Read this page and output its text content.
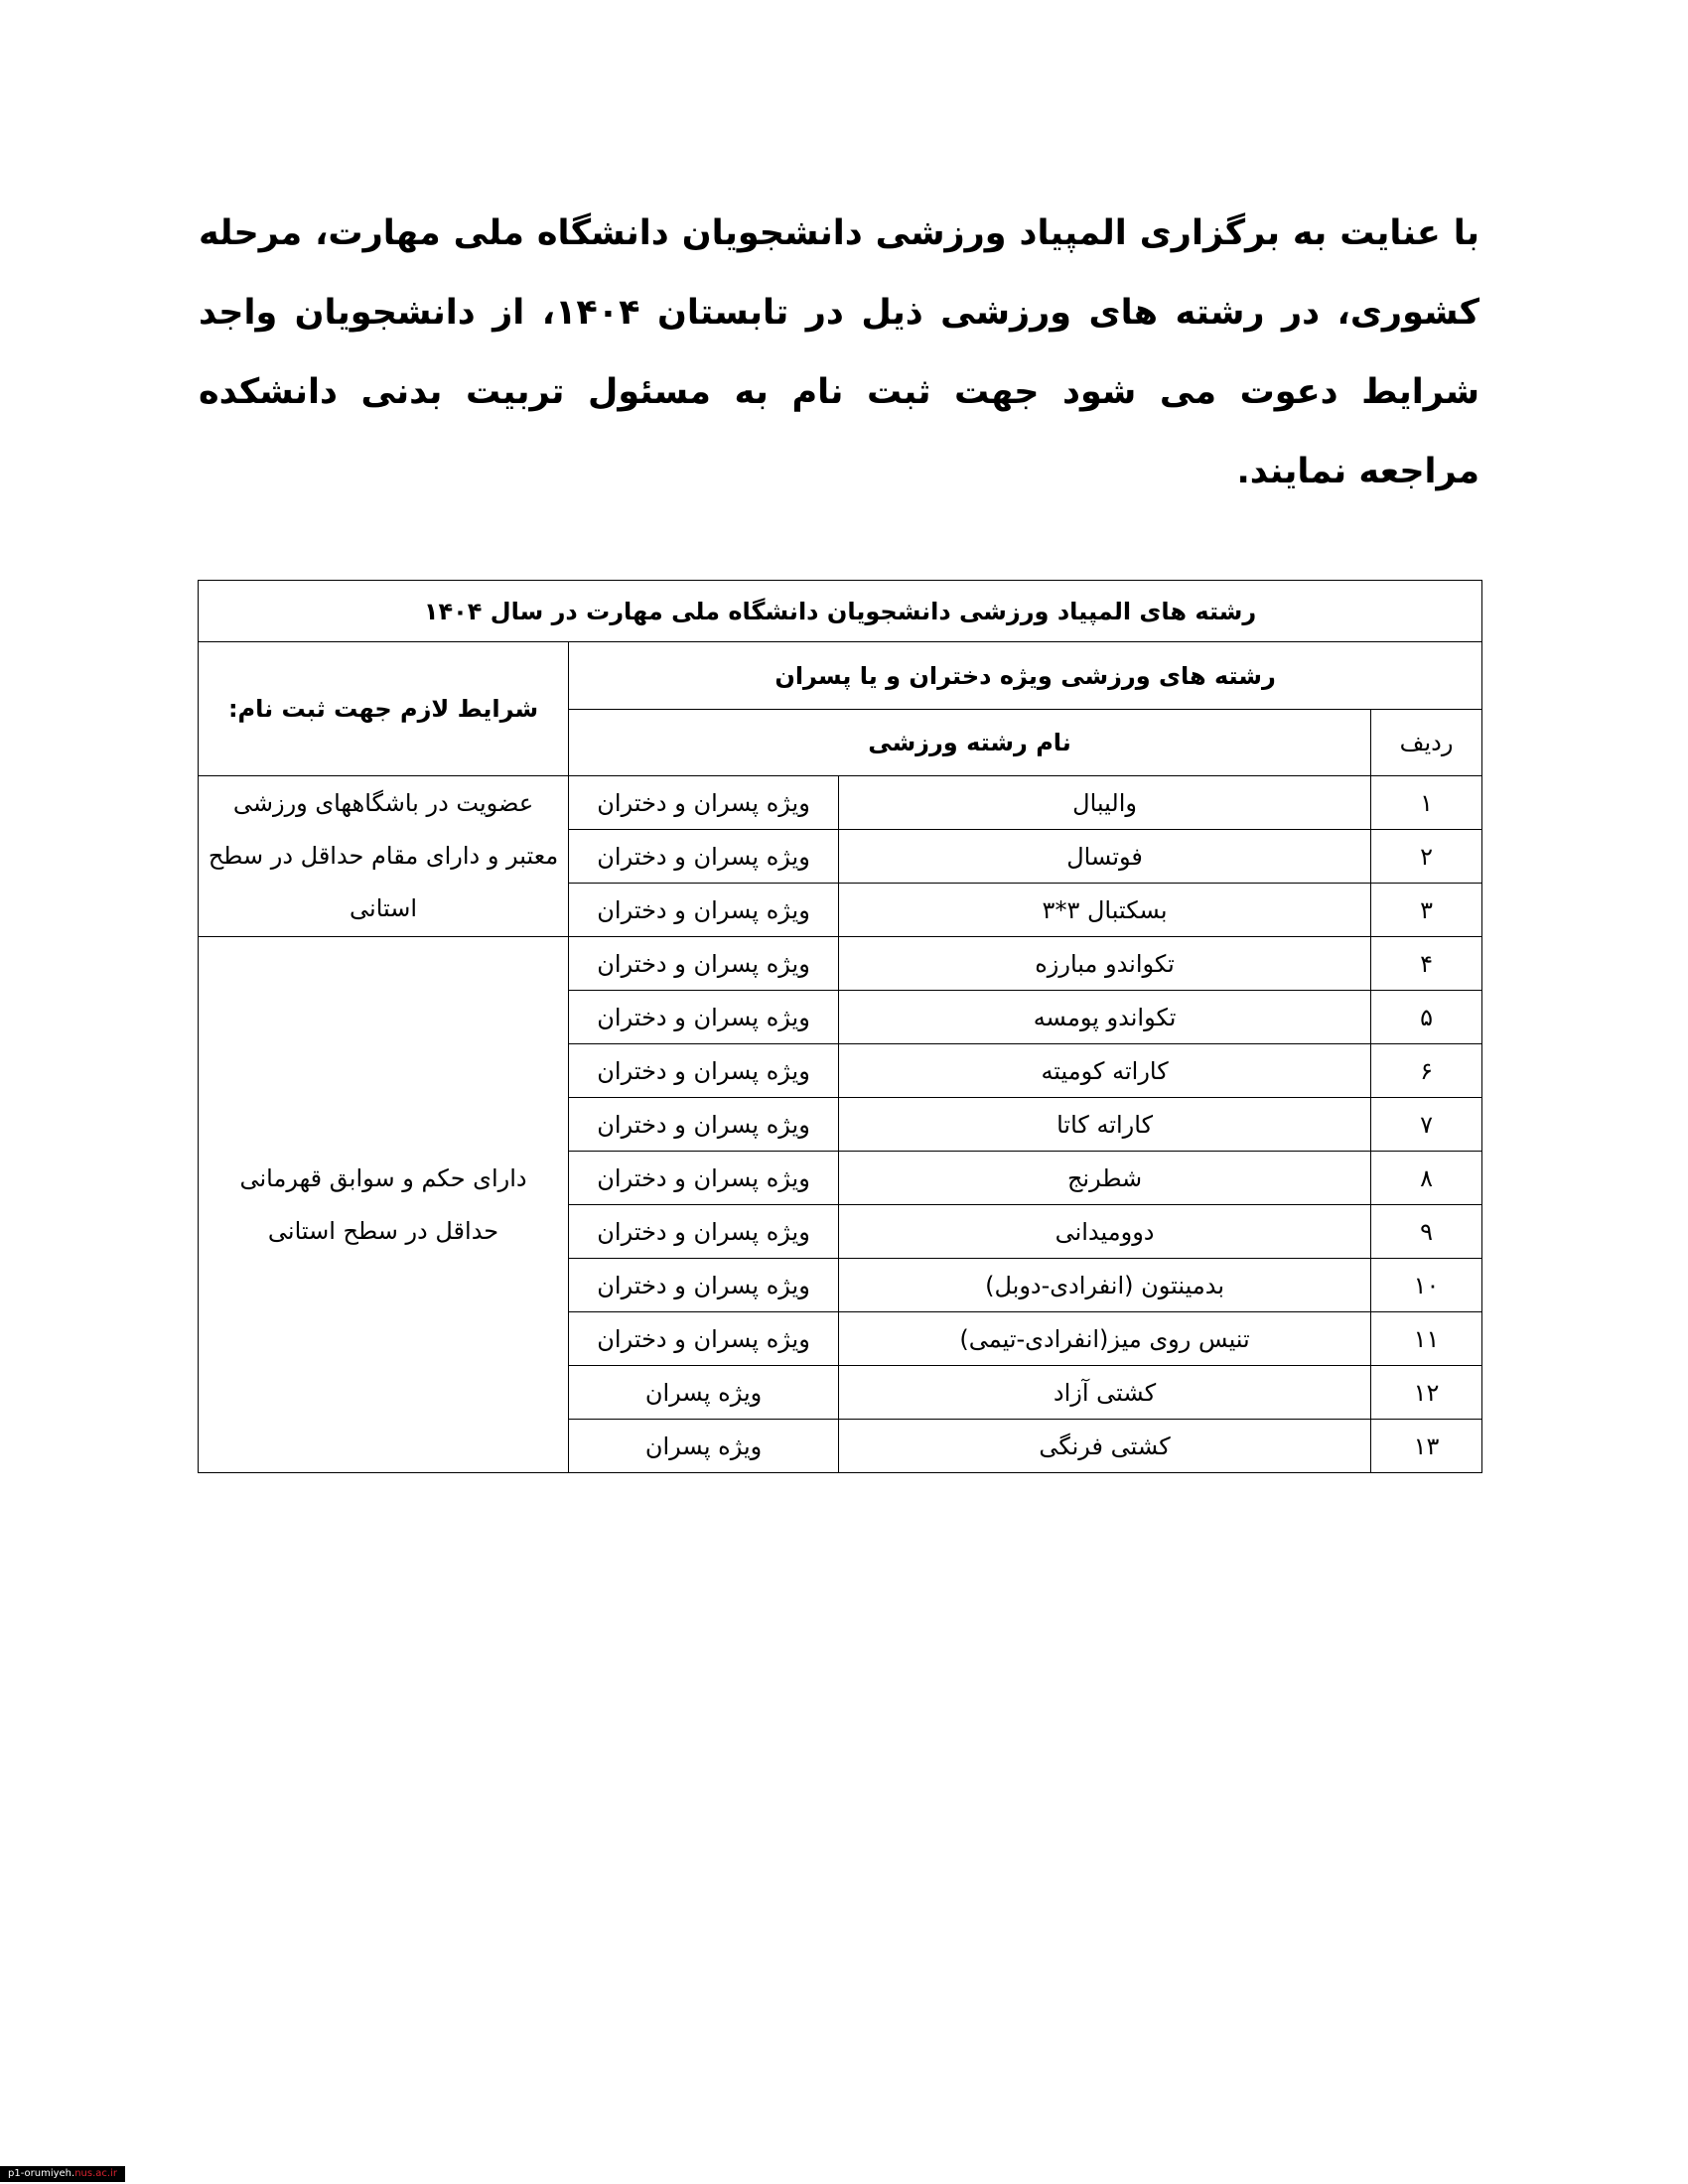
با عنایت به برگزاری المپیاد ورزشی دانشجویان دانشگاه ملی مهارت، مرحله کشوری، در رشته های ورزشی ذیل در تابستان ۱۴۰۴، از دانشجویان واجد شرایط دعوت می شود جهت ثبت نام به مسئول تربیت بدنی دانشکده مراجعه نمایند.

رشته های المپیاد ورزشی دانشجویان دانشگاه ملی مهارت در سال ۱۴۰۴			
رشته های ورزشی ویژه دختران و یا پسران			شرایط لازم جهت ثبت نام:
ردیف	نام رشته ورزشی		
۱	والیبال	ویژه پسران و دختران	عضویت در باشگاههای ورزشی معتبر و دارای مقام حداقل در سطح استانی
۲	فوتسال	ویژه پسران و دختران	
۳	بسکتبال ۳*۳	ویژه پسران و دختران	
۴	تکواندو مبارزه	ویژه پسران و دختران	دارای حکم و سوابق قهرمانی حداقل در سطح استانی
۵	تکواندو پومسه	ویژه پسران و دختران	
۶	کاراته کومیته	ویژه پسران و دختران	
۷	کاراته کاتا	ویژه پسران و دختران	
۸	شطرنج	ویژه پسران و دختران	
۹	دوومیدانی	ویژه پسران و دختران	
۱۰	بدمینتون (انفرادی-دوبل)	ویژه پسران و دختران	
۱۱	تنیس روی میز(انفرادی-تیمی)	ویژه پسران و دختران	
۱۲	کشتی آزاد	ویژه پسران	
۱۳	کشتی فرنگی	ویژه پسران	
p1-orumiyeh.nus.ac.ir
